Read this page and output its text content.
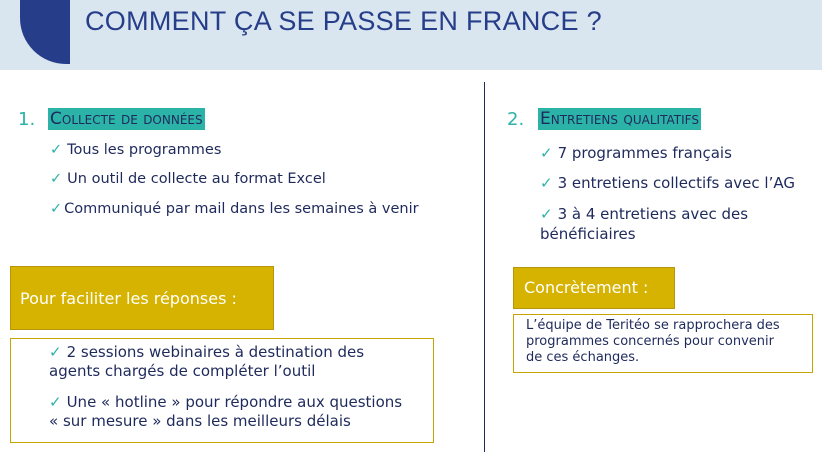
COMMENT ÇA SE PASSE EN FRANCE ?
1. Collecte de données
✓ Tous les programmes
✓ Un outil de collecte au format Excel
✓ Communiqué par mail dans les semaines à venir
Pour faciliter les réponses :
✓ 2 sessions webinaires à destination des
agents chargés de compléter l’outil
✓ Une « hotline » pour répondre aux questions
« sur mesure » dans les meilleurs délais
2. Entretiens qualitatifs
✓ 7 programmes français
✓ 3 entretiens collectifs avec l’AG
✓ 3 à 4 entretiens avec des
bénéficiaires
Concrètement :
L’équipe de Teritéo se rapprochera des
programmes concernés pour convenir
de ces échanges.
